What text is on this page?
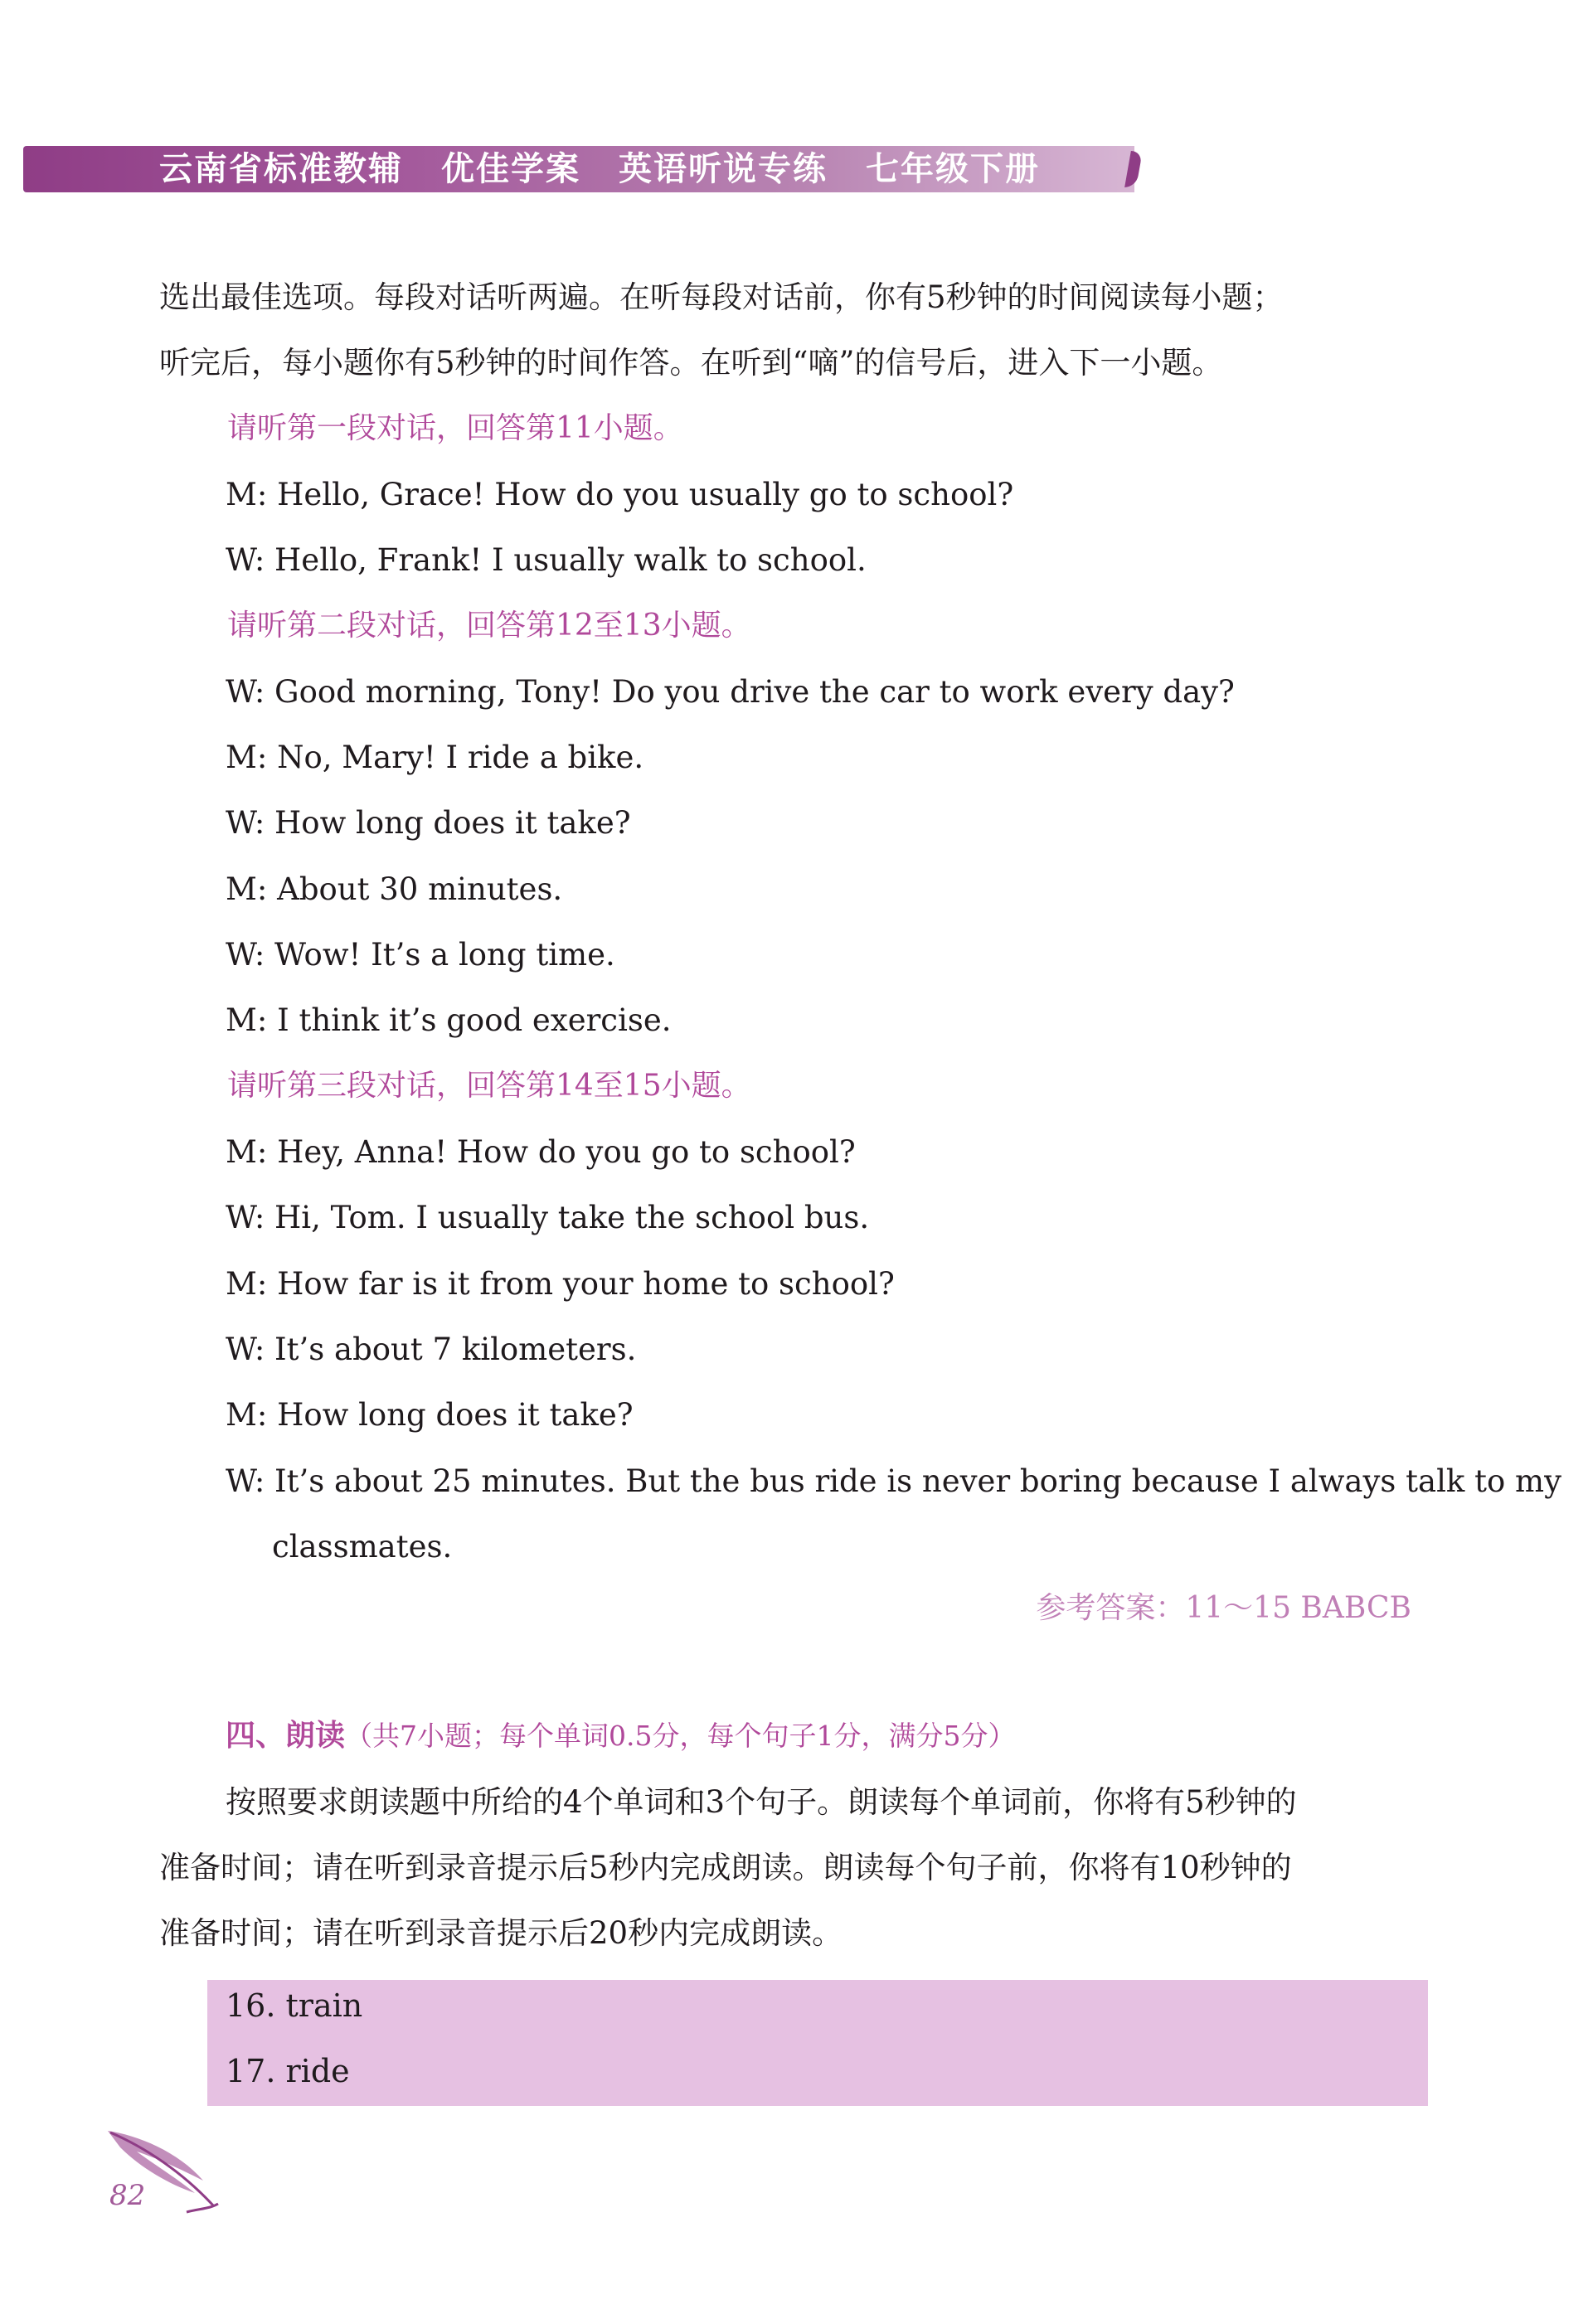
云南省标准教辅 优佳学案 英语听说专练 七年级下册
选出最佳选项。每段对话听两遍。在听每段对话前，你有5秒钟的时间阅读每小题；
听完后，每小题你有5秒钟的时间作答。在听到“嘀”的信号后，进入下一小题。
请听第一段对话，回答第11小题。
M: Hello, Grace! How do you usually go to school?
W: Hello, Frank! I usually walk to school.
请听第二段对话，回答第12至13小题。
W: Good morning, Tony! Do you drive the car to work every day?
M: No, Mary! I ride a bike.
W: How long does it take?
M: About 30 minutes.
W: Wow! It’s a long time.
M: I think it’s good exercise.
请听第三段对话，回答第14至15小题。
M: Hey, Anna! How do you go to school?
W: Hi, Tom. I usually take the school bus.
M: How far is it from your home to school?
W: It’s about 7 kilometers.
M: How long does it take?
W: It’s about 25 minutes. But the bus ride is never boring because I always talk to my
classmates.
参考答案：11～15 BABCB
四、朗读（共7小题；每个单词0.5分，每个句子1分，满分5分）
按照要求朗读题中所给的4个单词和3个句子。朗读每个单词前，你将有5秒钟的
准备时间；请在听到录音提示后5秒内完成朗读。朗读每个句子前，你将有10秒钟的
准备时间；请在听到录音提示后20秒内完成朗读。
16. train
17. ride
82
